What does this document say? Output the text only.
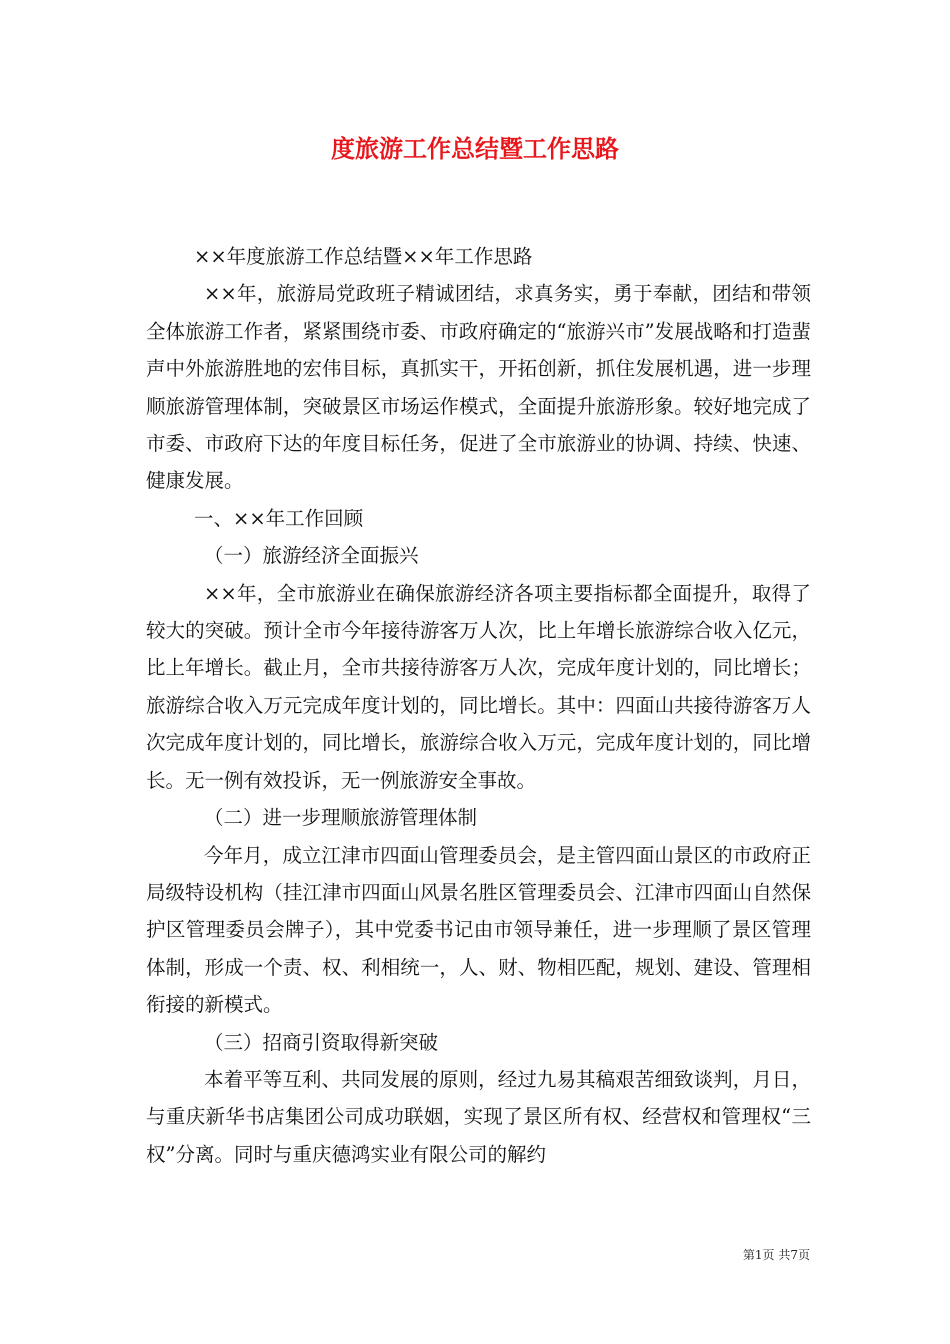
度旅游工作总结暨工作思路

××年度旅游工作总结暨××年工作思路

××年，旅游局党政班子精诚团结，求真务实，勇于奉献，团结和带领全体旅游工作者，紧紧围绕市委、市政府确定的“旅游兴市”发展战略和打造蜚声中外旅游胜地的宏伟目标，真抓实干，开拓创新，抓住发展机遇，进一步理顺旅游管理体制，突破景区市场运作模式，全面提升旅游形象。较好地完成了市委、市政府下达的年度目标任务，促进了全市旅游业的协调、持续、快速、健康发展。

一、××年工作回顾

（一）旅游经济全面振兴

××年，全市旅游业在确保旅游经济各项主要指标都全面提升，取得了较大的突破。预计全市今年接待游客万人次，比上年增长旅游综合收入亿元，比上年增长。截止月，全市共接待游客万人次，完成年度计划的，同比增长；旅游综合收入万元完成年度计划的，同比增长。其中：四面山共接待游客万人次完成年度计划的，同比增长，旅游综合收入万元，完成年度计划的，同比增长。无一例有效投诉，无一例旅游安全事故。

（二）进一步理顺旅游管理体制

今年月，成立江津市四面山管理委员会，是主管四面山景区的市政府正局级特设机构（挂江津市四面山风景名胜区管理委员会、江津市四面山自然保护区管理委员会牌子），其中党委书记由市领导兼任，进一步理顺了景区管理体制，形成一个责、权、利相统一，人、财、物相匹配，规划、建设、管理相衔接的新模式。

（三）招商引资取得新突破

本着平等互利、共同发展的原则，经过九易其稿艰苦细致谈判，月日，与重庆新华书店集团公司成功联姻，实现了景区所有权、经营权和管理权“三权”分离。同时与重庆德鸿实业有限公司的解约

第1页 共7页
